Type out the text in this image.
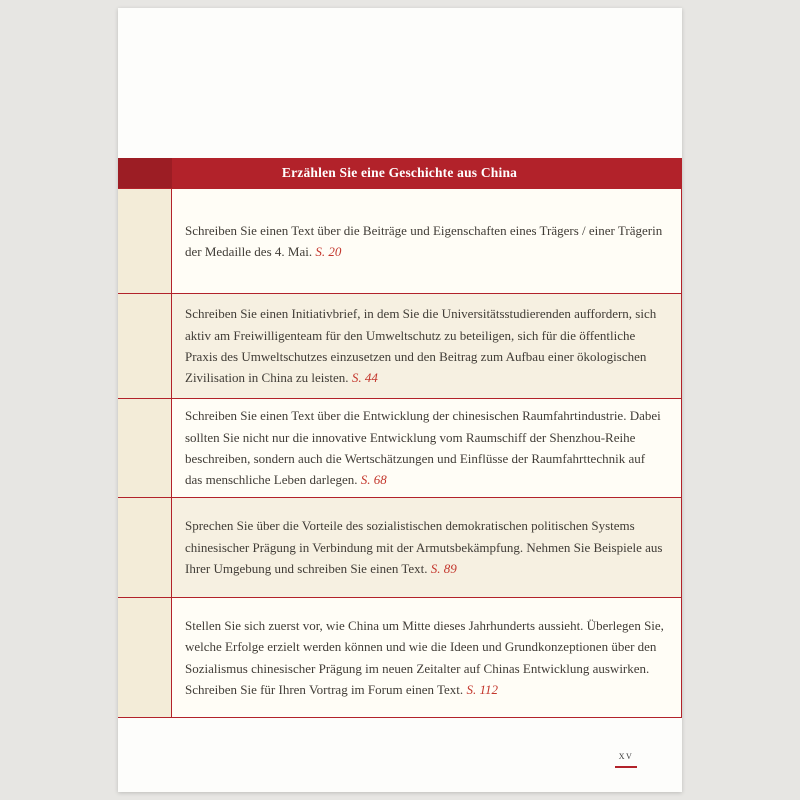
Erzählen Sie eine Geschichte aus China

Schreiben Sie einen Text über die Beiträge und Eigenschaften eines Trägers / einer Trägerin der Medaille des 4. Mai. S. 20

Schreiben Sie einen Initiativbrief, in dem Sie die Universitätsstudierenden auffordern, sich aktiv am Freiwilligenteam für den Umweltschutz zu beteiligen, sich für die öffentliche Praxis des Umweltschutzes einzusetzen und den Beitrag zum Aufbau einer ökologischen Zivilisation in China zu leisten. S. 44

Schreiben Sie einen Text über die Entwicklung der chinesischen Raumfahrtindustrie. Dabei sollten Sie nicht nur die innovative Entwicklung vom Raumschiff der Shenzhou-Reihe beschreiben, sondern auch die Wertschätzungen und Einflüsse der Raumfahrttechnik auf das menschliche Leben darlegen. S. 68

Sprechen Sie über die Vorteile des sozialistischen demokratischen politischen Systems chinesischer Prägung in Verbindung mit der Armutsbekämpfung. Nehmen Sie Beispiele aus Ihrer Umgebung und schreiben Sie einen Text. S. 89

Stellen Sie sich zuerst vor, wie China um Mitte dieses Jahrhunderts aussieht. Überlegen Sie, welche Erfolge erzielt werden können und wie die Ideen und Grundkonzeptionen über den Sozialismus chinesischer Prägung im neuen Zeitalter auf Chinas Entwicklung auswirken. Schreiben Sie für Ihren Vortrag im Forum einen Text. S. 112

xv
